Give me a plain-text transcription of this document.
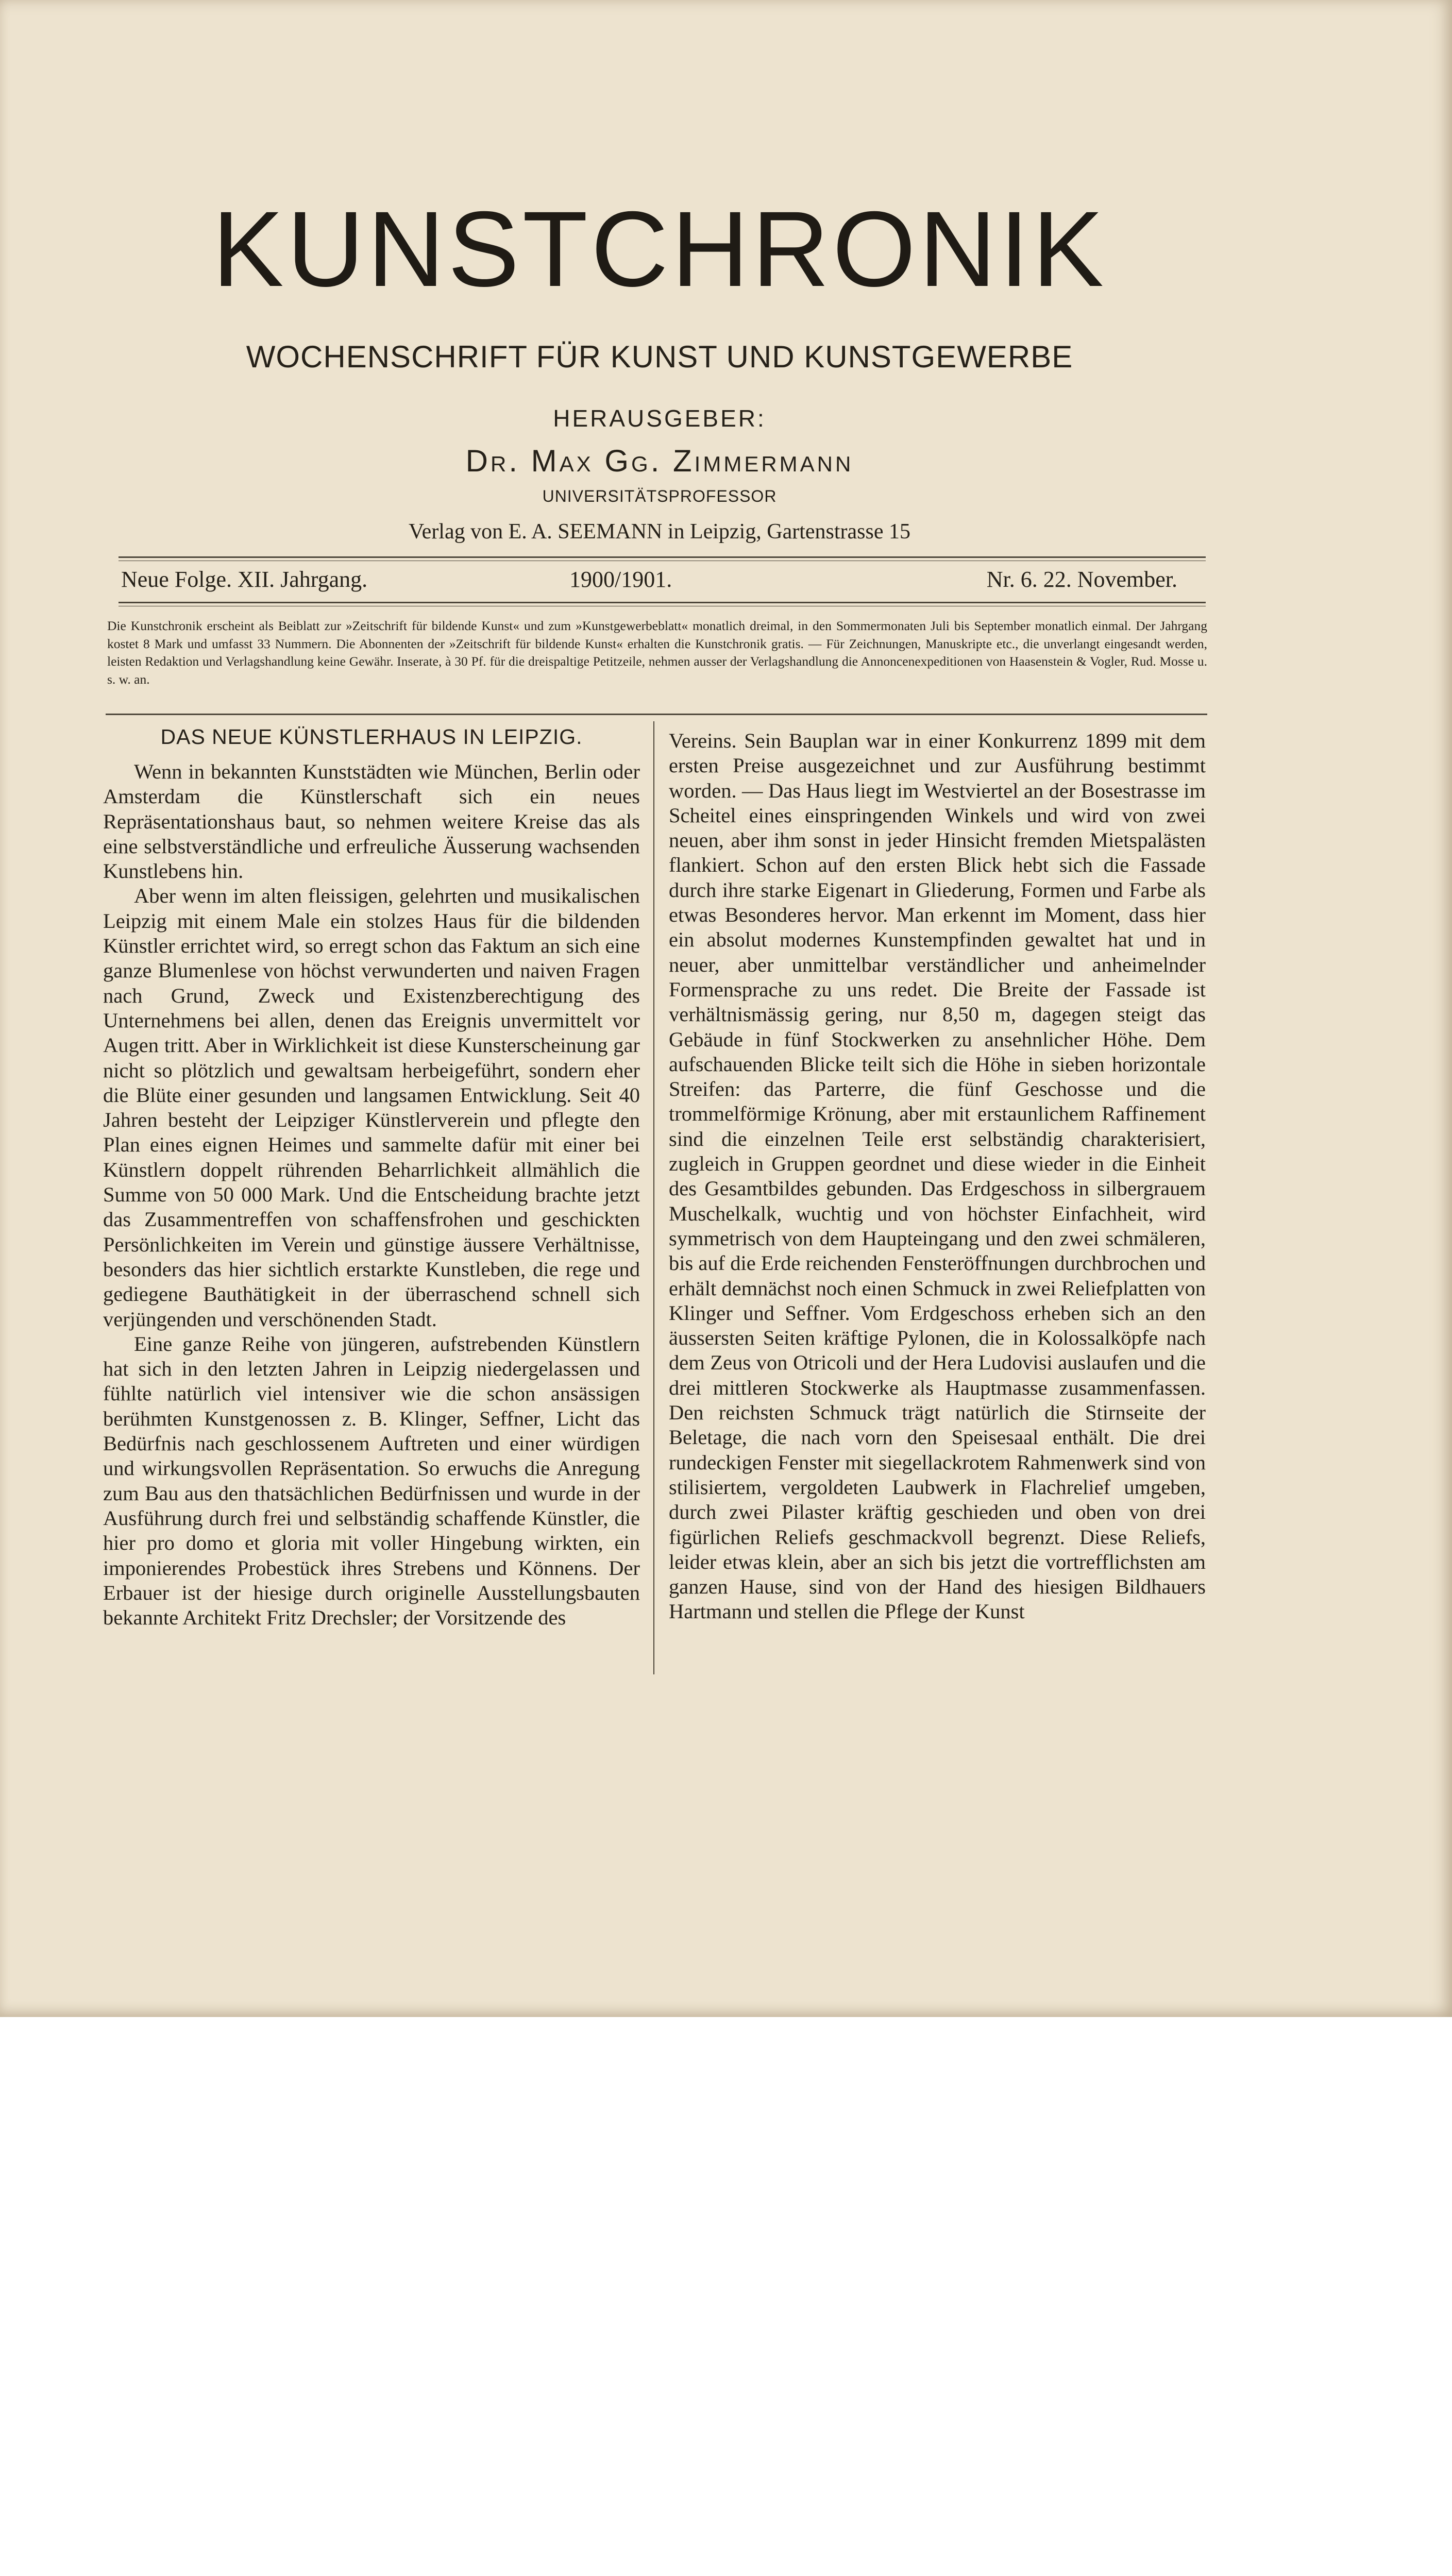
KUNSTCHRONIK
WOCHENSCHRIFT FÜR KUNST UND KUNSTGEWERBE
HERAUSGEBER:
Dr. Max Gg. Zimmermann
UNIVERSITÄTSPROFESSOR
Verlag von E. A. SEEMANN in Leipzig, Gartenstrasse 15
Neue Folge. XII. Jahrgang.	1900/1901.	Nr. 6. 22. November.
Die Kunstchronik erscheint als Beiblatt zur »Zeitschrift für bildende Kunst« und zum »Kunstgewerbeblatt« monatlich dreimal, in den Sommermonaten Juli bis September monatlich einmal. Der Jahrgang kostet 8 Mark und umfasst 33 Nummern. Die Abonnenten der »Zeitschrift für bildende Kunst« erhalten die Kunstchronik gratis. — Für Zeichnungen, Manuskripte etc., die unverlangt eingesandt werden, leisten Redaktion und Verlagshandlung keine Gewähr. Inserate, à 30 Pf. für die dreispaltige Petitzeile, nehmen ausser der Verlagshandlung die Annoncenexpeditionen von Haasenstein & Vogler, Rud. Mosse u. s. w. an.
DAS NEUE KÜNSTLERHAUS IN LEIPZIG.

Wenn in bekannten Kunststädten wie München, Berlin oder Amsterdam die Künstlerschaft sich ein neues Repräsentationshaus baut, so nehmen weitere Kreise das als eine selbstverständliche und erfreuliche Äusserung wachsenden Kunstlebens hin.

Aber wenn im alten fleissigen, gelehrten und musikalischen Leipzig mit einem Male ein stolzes Haus für die bildenden Künstler errichtet wird, so erregt schon das Faktum an sich eine ganze Blumenlese von höchst verwunderten und naiven Fragen nach Grund, Zweck und Existenzberechtigung des Unternehmens bei allen, denen das Ereignis unvermittelt vor Augen tritt. Aber in Wirklichkeit ist diese Kunsterscheinung gar nicht so plötzlich und gewaltsam herbeigeführt, sondern eher die Blüte einer gesunden und langsamen Entwicklung. Seit 40 Jahren besteht der Leipziger Künstlerverein und pflegte den Plan eines eignen Heimes und sammelte dafür mit einer bei Künstlern doppelt rührenden Beharrlichkeit allmählich die Summe von 50 000 Mark. Und die Entscheidung brachte jetzt das Zusammentreffen von schaffensfrohen und geschickten Persönlichkeiten im Verein und günstige äussere Verhältnisse, besonders das hier sichtlich erstarkte Kunstleben, die rege und gediegene Bauthätigkeit in der überraschend schnell sich verjüngenden und verschönenden Stadt.

Eine ganze Reihe von jüngeren, aufstrebenden Künstlern hat sich in den letzten Jahren in Leipzig niedergelassen und fühlte natürlich viel intensiver wie die schon ansässigen berühmten Kunstgenossen z. B. Klinger, Seffner, Licht das Bedürfnis nach geschlossenem Auftreten und einer würdigen und wirkungsvollen Repräsentation. So erwuchs die Anregung zum Bau aus den thatsächlichen Bedürfnissen und wurde in der Ausführung durch frei und selbständig schaffende Künstler, die hier pro domo et gloria mit voller Hingebung wirkten, ein imponierendes Probestück ihres Strebens und Könnens. Der Erbauer ist der hiesige durch originelle Ausstellungsbauten bekannte Architekt Fritz Drechsler; der Vorsitzende des

Vereins. Sein Bauplan war in einer Konkurrenz 1899 mit dem ersten Preise ausgezeichnet und zur Ausführung bestimmt worden. — Das Haus liegt im Westviertel an der Bosestrasse im Scheitel eines einspringenden Winkels und wird von zwei neuen, aber ihm sonst in jeder Hinsicht fremden Mietspalästen flankiert. Schon auf den ersten Blick hebt sich die Fassade durch ihre starke Eigenart in Gliederung, Formen und Farbe als etwas Besonderes hervor. Man erkennt im Moment, dass hier ein absolut modernes Kunstempfinden gewaltet hat und in neuer, aber unmittelbar verständlicher und anheimelnder Formensprache zu uns redet. Die Breite der Fassade ist verhältnismässig gering, nur 8,50 m, dagegen steigt das Gebäude in fünf Stockwerken zu ansehnlicher Höhe. Dem aufschauenden Blicke teilt sich die Höhe in sieben horizontale Streifen: das Parterre, die fünf Geschosse und die trommelförmige Krönung, aber mit erstaunlichem Raffinement sind die einzelnen Teile erst selbständig charakterisiert, zugleich in Gruppen geordnet und diese wieder in die Einheit des Gesamtbildes gebunden. Das Erdgeschoss in silbergrauem Muschelkalk, wuchtig und von höchster Einfachheit, wird symmetrisch von dem Haupteingang und den zwei schmäleren, bis auf die Erde reichenden Fensteröffnungen durchbrochen und erhält demnächst noch einen Schmuck in zwei Reliefplatten von Klinger und Seffner. Vom Erdgeschoss erheben sich an den äussersten Seiten kräftige Pylonen, die in Kolossalköpfe nach dem Zeus von Otricoli und der Hera Ludovisi auslaufen und die drei mittleren Stockwerke als Hauptmasse zusammenfassen. Den reichsten Schmuck trägt natürlich die Stirnseite der Beletage, die nach vorn den Speisesaal enthält. Die drei rundeckigen Fenster mit siegellackrotem Rahmenwerk sind von stilisiertem, vergoldeten Laubwerk in Flachrelief umgeben, durch zwei Pilaster kräftig geschieden und oben von drei figürlichen Reliefs geschmackvoll begrenzt. Diese Reliefs, leider etwas klein, aber an sich bis jetzt die vortrefflichsten am ganzen Hause, sind von der Hand des hiesigen Bildhauers Hartmann und stellen die Pflege der Kunst
